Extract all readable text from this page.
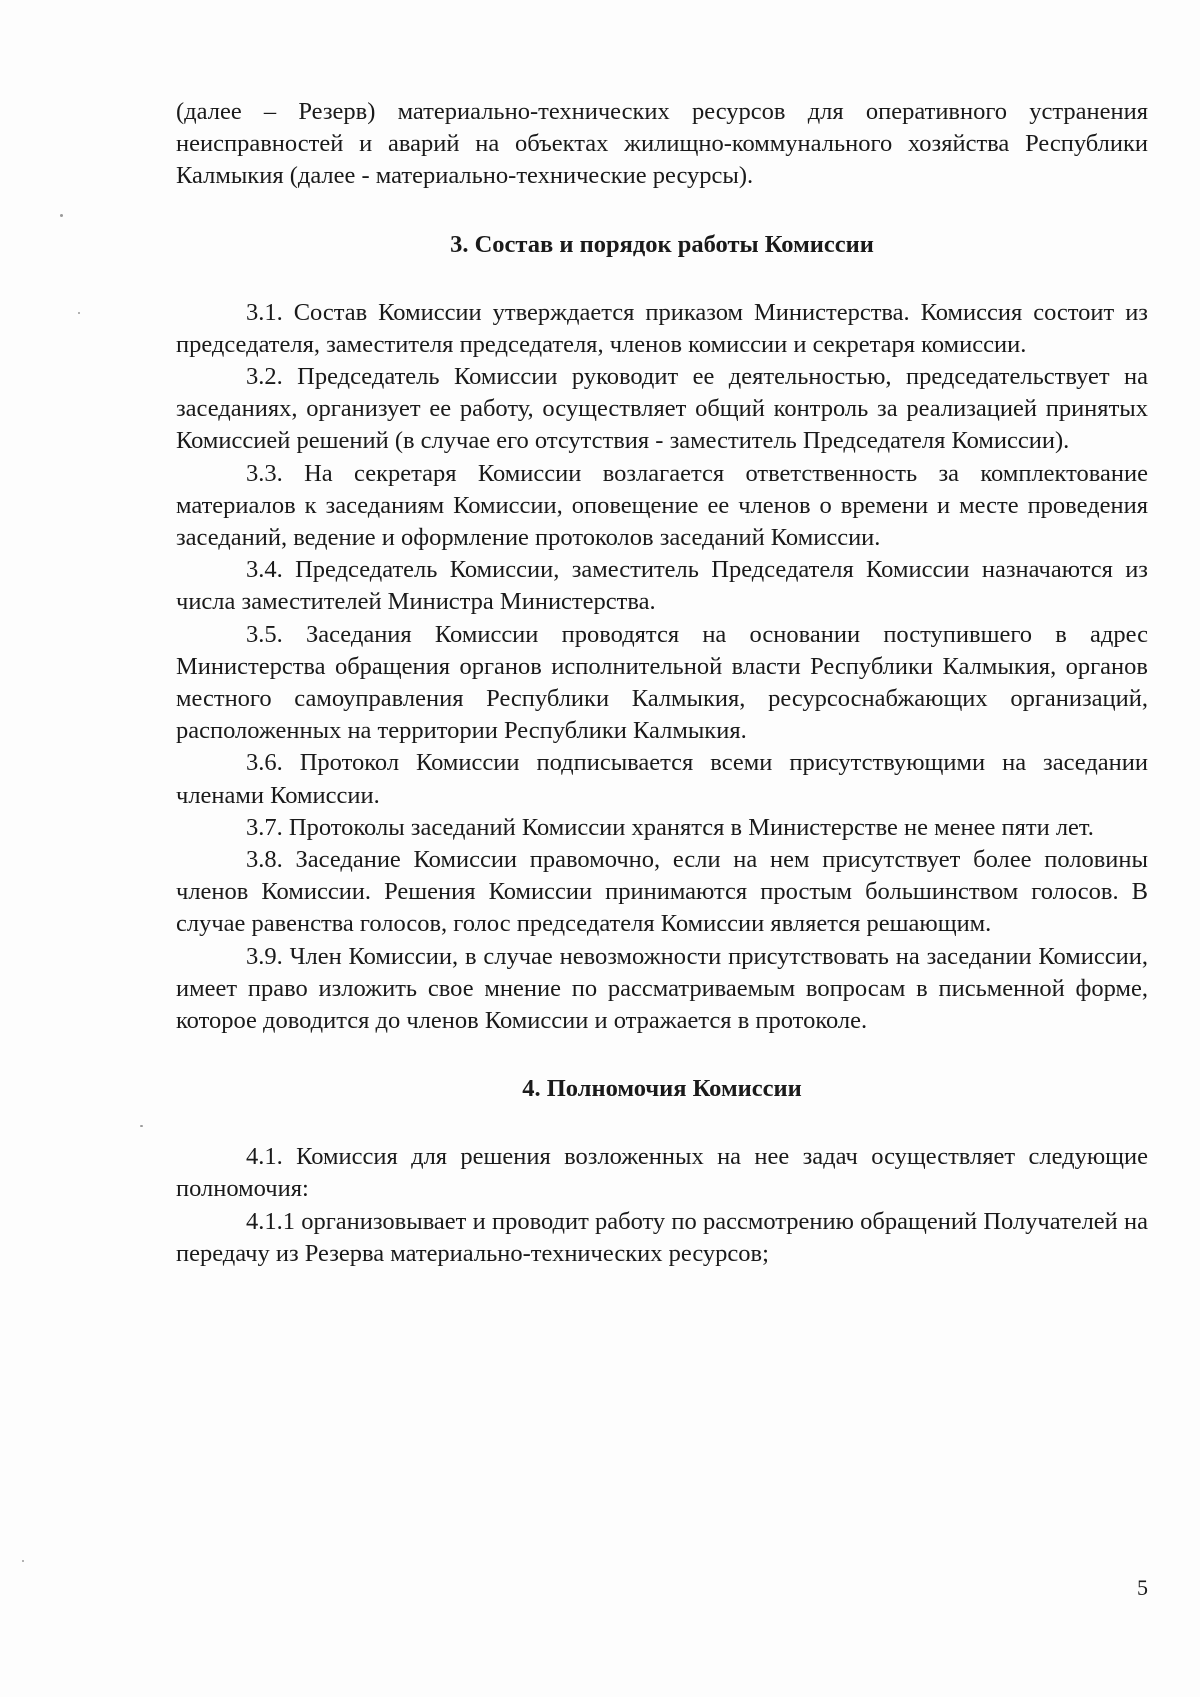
(далее – Резерв) материально-технических ресурсов для оперативного устранения неисправностей и аварий на объектах жилищно-коммунального хозяйства Республики Калмыкия (далее - материально-технические ресурсы).

3. Состав и порядок работы Комиссии

3.1. Состав Комиссии утверждается приказом Министерства. Комиссия состоит из председателя, заместителя председателя, членов комиссии и секретаря комиссии.

3.2. Председатель Комиссии руководит ее деятельностью, председательствует на заседаниях, организует ее работу, осуществляет общий контроль за реализацией принятых Комиссией решений (в случае его отсутствия - заместитель Председателя Комиссии).

3.3. На секретаря Комиссии возлагается ответственность за комплектование материалов к заседаниям Комиссии, оповещение ее членов о времени и месте проведения заседаний, ведение и оформление протоколов заседаний Комиссии.

3.4. Председатель Комиссии, заместитель Председателя Комиссии назначаются из числа заместителей Министра Министерства.

3.5. Заседания Комиссии проводятся на основании поступившего в адрес Министерства обращения органов исполнительной власти Республики Калмыкия, органов местного самоуправления Республики Калмыкия, ресурсоснабжающих организаций, расположенных на территории Республики Калмыкия.

3.6. Протокол Комиссии подписывается всеми присутствующими на заседании членами Комиссии.

3.7. Протоколы заседаний Комиссии хранятся в Министерстве не менее пяти лет.

3.8. Заседание Комиссии правомочно, если на нем присутствует более половины членов Комиссии. Решения Комиссии принимаются простым большинством голосов. В случае равенства голосов, голос председателя Комиссии является решающим.

3.9. Член Комиссии, в случае невозможности присутствовать на заседании Комиссии, имеет право изложить свое мнение по рассматриваемым вопросам в письменной форме, которое доводится до членов Комиссии и отражается в протоколе.

4. Полномочия Комиссии

4.1. Комиссия для решения возложенных на нее задач осуществляет следующие полномочия:

4.1.1 организовывает и проводит работу по рассмотрению обращений Получателей на передачу из Резерва материально-технических ресурсов;

5
